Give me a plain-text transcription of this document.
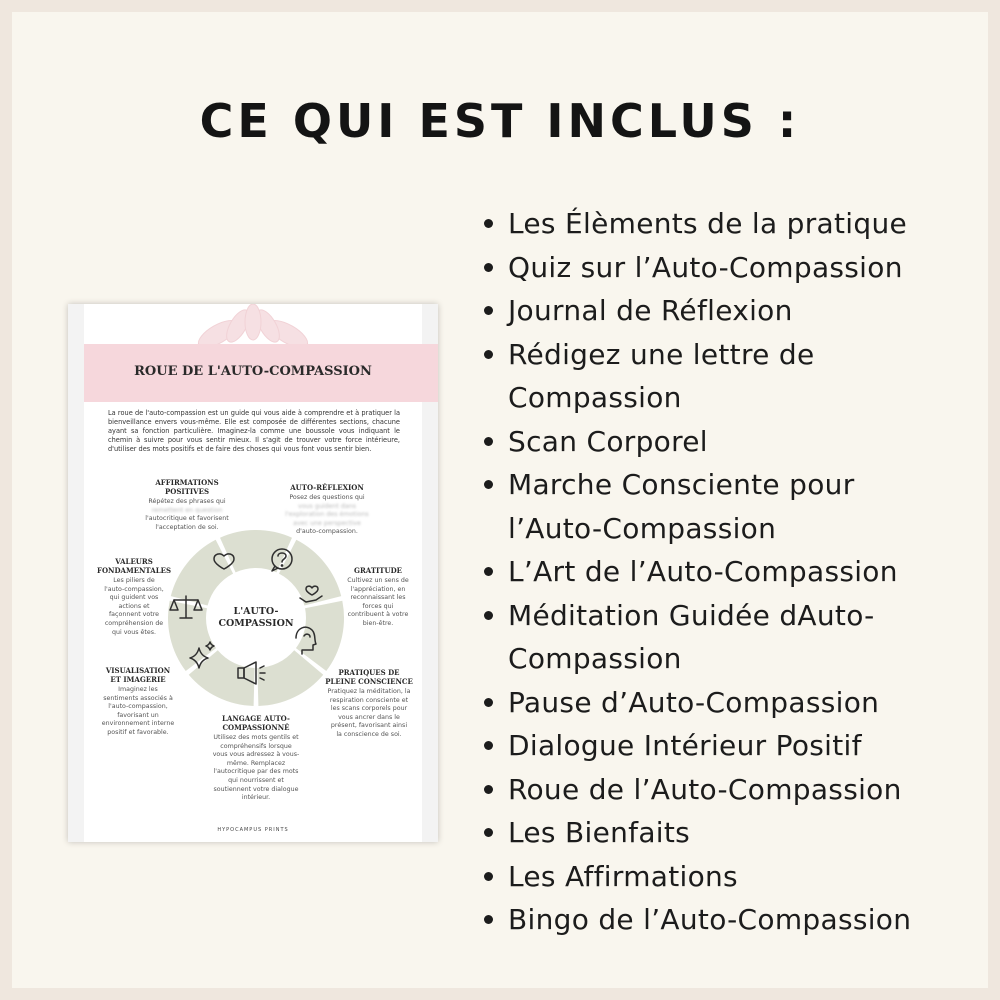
CE QUI EST INCLUS :
ROUE DE L'AUTO-COMPASSION
La roue de l'auto-compassion est un guide qui vous aide à comprendre et à pratiquer la bienveillance envers vous-même. Elle est composée de différentes sections, chacune ayant sa fonction particulière. Imaginez-la comme une boussole vous indiquant le chemin à suivre pour vous sentir mieux. Il s'agit de trouver votre force intérieure, d'utiliser des mots positifs et de faire des choses qui vous font vous sentir bien.
AFFIRMATIONS
POSITIVES
Répétez des phrases qui
remettent en question
l'autocritique et favorisent
l'acceptation de soi.
AUTO-RÉFLEXION
Posez des questions qui
vous guident dans
l'exploration des émotions
avec une perspective
d'auto-compassion.
VALEURS
FONDAMENTALES
Les piliers de
l'auto-compassion,
qui guident vos
actions et
façonnent votre
compréhension de
qui vous êtes.
GRATITUDE
Cultivez un sens de
l'appréciation, en
reconnaissant les
forces qui
contribuent à votre
bien-être.
VISUALISATION
ET IMAGERIE
Imaginez les
sentiments associés à
l'auto-compassion,
favorisant un
environnement interne
positif et favorable.
PRATIQUES DE
PLEINE CONSCIENCE
Pratiquez la méditation, la
respiration consciente et
les scans corporels pour
vous ancrer dans le
présent, favorisant ainsi
la conscience de soi.
LANGAGE AUTO-
COMPASSIONNÉ
Utilisez des mots gentils et
compréhensifs lorsque
vous vous adressez à vous-
même. Remplacez
l'autocritique par des mots
qui nourrissent et
soutiennent votre dialogue
intérieur.
L'AUTO-
COMPASSION
HYPOCAMPUS PRINTS
Les Élèments de la pratique
Quiz sur l’Auto-Compassion
Journal de Réflexion
Rédigez une lettre de
Compassion
Scan Corporel
Marche Consciente pour
l’Auto-Compassion
L’Art de l’Auto-Compassion
Méditation Guidée dAuto-
Compassion
Pause d’Auto-Compassion
Dialogue Intérieur Positif
Roue de l’Auto-Compassion
Les Bienfaits
Les Affirmations
Bingo de l’Auto-Compassion
